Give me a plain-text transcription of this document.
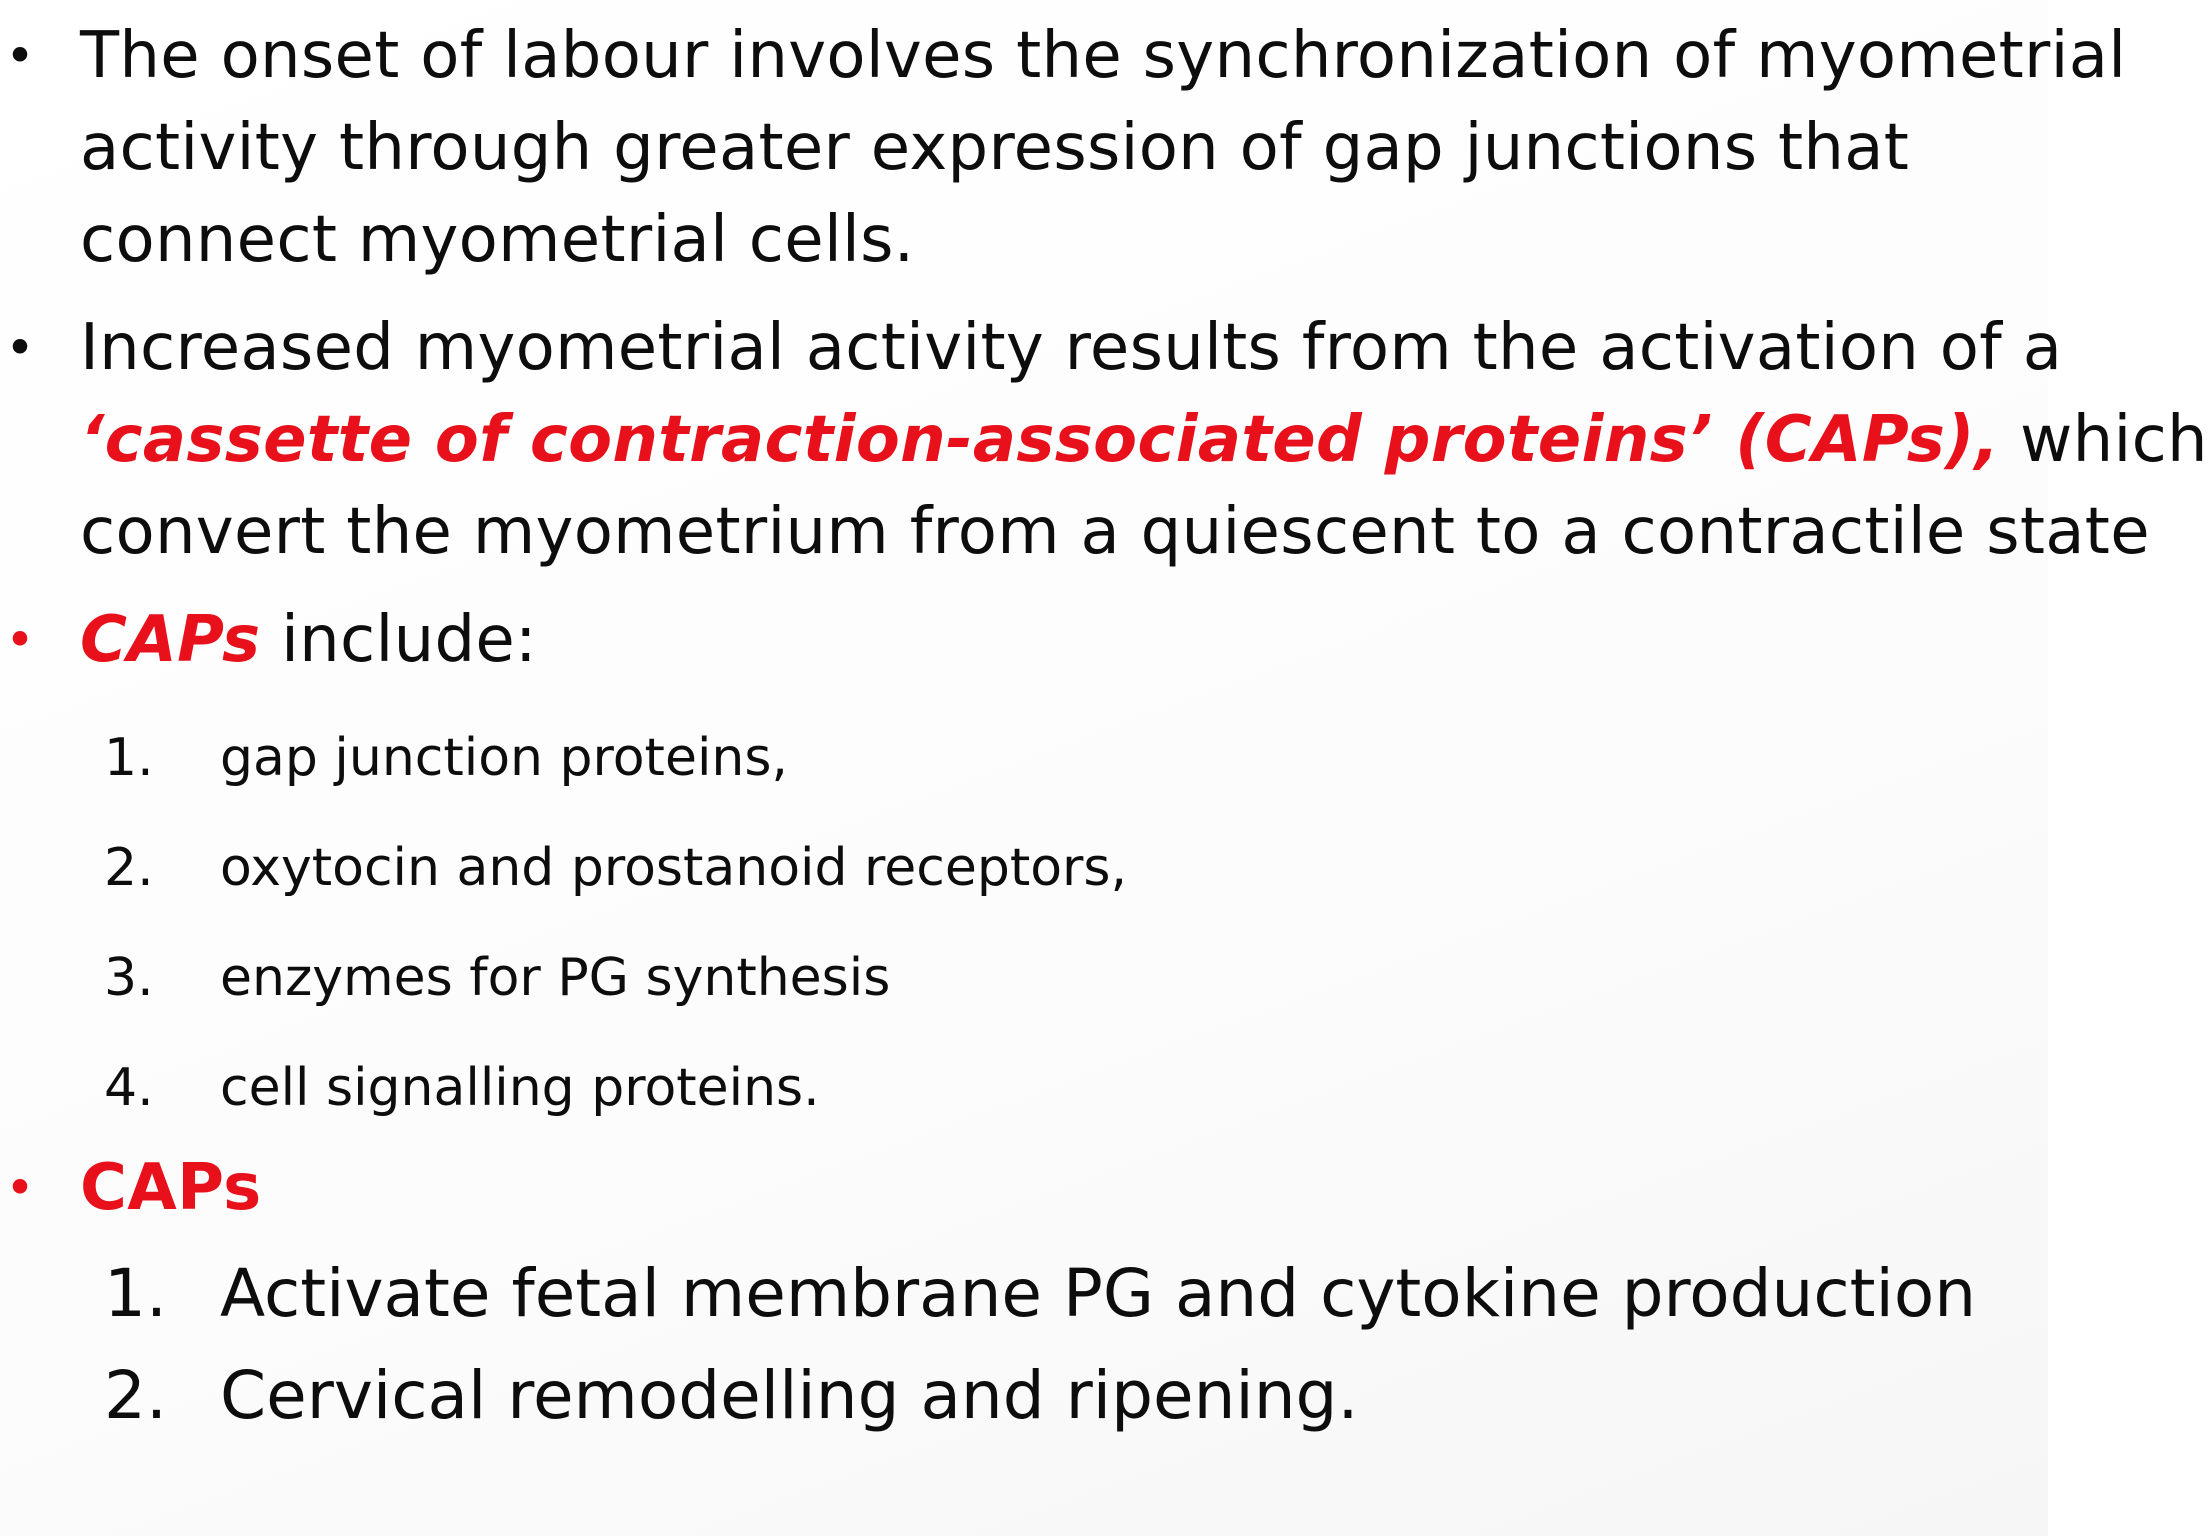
• The onset of labour involves the synchronization of myometrial
activity through greater expression of gap junctions that
connect myometrial cells.
• Increased myometrial activity results from the activation of a
‘cassette of contraction-associated proteins’ (CAPs), which
convert the myometrium from a quiescent to a contractile state
• CAPs include:
1. gap junction proteins,
2. oxytocin and prostanoid receptors,
3. enzymes for PG synthesis
4. cell signalling proteins.
• CAPs
1. Activate fetal membrane PG and cytokine production
2. Cervical remodelling and ripening.
